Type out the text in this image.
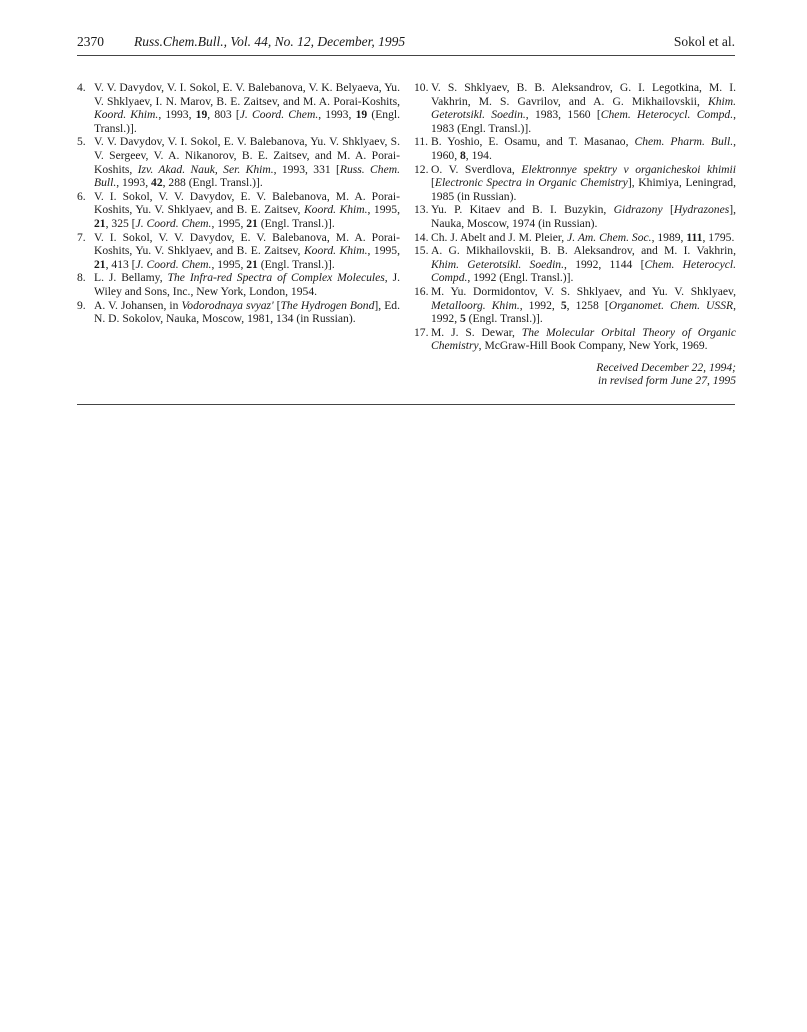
2370 Russ.Chem.Bull., Vol. 44, No. 12, December, 1995	Sokol et al.

4. V. V. Davydov, V. I. Sokol, E. V. Balebanova, V. K. Belyaeva, Yu. V. Shklyaev, I. N. Marov, B. E. Zaitsev, and M. A. Porai-Koshits, Koord. Khim., 1993, 19, 803 [J. Coord. Chem., 1993, 19 (Engl. Transl.)].

5. V. V. Davydov, V. I. Sokol, E. V. Balebanova, Yu. V. Shklyaev, S. V. Sergeev, V. A. Nikanorov, B. E. Zaitsev, and M. A. Porai-Koshits, Izv. Akad. Nauk, Ser. Khim., 1993, 331 [Russ. Chem. Bull., 1993, 42, 288 (Engl. Transl.)].

6. V. I. Sokol, V. V. Davydov, E. V. Balebanova, M. A. Porai-Koshits, Yu. V. Shklyaev, and B. E. Zaitsev, Koord. Khim., 1995, 21, 325 [J. Coord. Chem., 1995, 21 (Engl. Transl.)].

7. V. I. Sokol, V. V. Davydov, E. V. Balebanova, M. A. Porai-Koshits, Yu. V. Shklyaev, and B. E. Zaitsev, Koord. Khim., 1995, 21, 413 [J. Coord. Chem., 1995, 21 (Engl. Transl.)].

8. L. J. Bellamy, The Infra-red Spectra of Complex Molecules, J. Wiley and Sons, Inc., New York, London, 1954.

9. A. V. Johansen, in Vodorodnaya svyaz' [The Hydrogen Bond], Ed. N. D. Sokolov, Nauka, Moscow, 1981, 134 (in Russian).

10. V. S. Shklyaev, B. B. Aleksandrov, G. I. Legotkina, M. I. Vakhrin, M. S. Gavrilov, and A. G. Mikhailovskii, Khim. Geterotsikl. Soedin., 1983, 1560 [Chem. Heterocycl. Compd., 1983 (Engl. Transl.)].

11. B. Yoshio, E. Osamu, and T. Masanao, Chem. Pharm. Bull., 1960, 8, 194.

12. O. V. Sverdlova, Elektronnye spektry v organicheskoi khimii [Electronic Spectra in Organic Chemistry], Khimiya, Leningrad, 1985 (in Russian).

13. Yu. P. Kitaev and B. I. Buzykin, Gidrazony [Hydrazones], Nauka, Moscow, 1974 (in Russian).

14. Ch. J. Abelt and J. M. Pleier, J. Am. Chem. Soc., 1989, 111, 1795.

15. A. G. Mikhailovskii, B. B. Aleksandrov, and M. I. Vakhrin, Khim. Geterotsikl. Soedin., 1992, 1144 [Chem. Heterocycl. Compd., 1992 (Engl. Transl.)].

16. M. Yu. Dormidontov, V. S. Shklyaev, and Yu. V. Shklyaev, Metalloorg. Khim., 1992, 5, 1258 [Organomet. Chem. USSR, 1992, 5 (Engl. Transl.)].

17. M. J. S. Dewar, The Molecular Orbital Theory of Organic Chemistry, McGraw-Hill Book Company, New York, 1969.

Received December 22, 1994;
in revised form June 27, 1995
